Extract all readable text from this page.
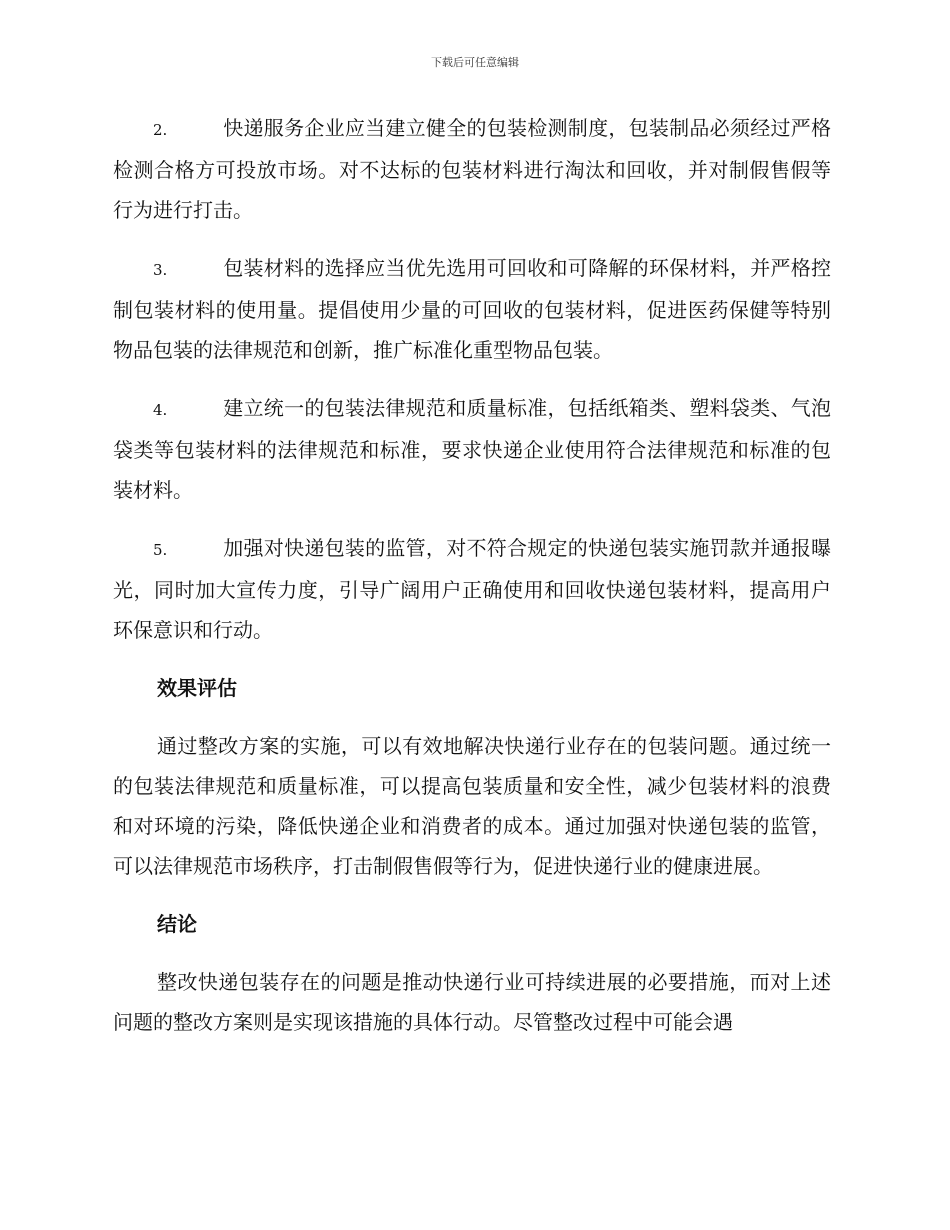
下载后可任意编辑

2.	快递服务企业应当建立健全的包装检测制度，包装制品必须经过严格检测合格方可投放市场。对不达标的包装材料进行淘汰和回收，并对制假售假等行为进行打击。

3.	包装材料的选择应当优先选用可回收和可降解的环保材料，并严格控制包装材料的使用量。提倡使用少量的可回收的包装材料，促进医药保健等特别物品包装的法律规范和创新，推广标准化重型物品包装。

4.	建立统一的包装法律规范和质量标准，包括纸箱类、塑料袋类、气泡袋类等包装材料的法律规范和标准，要求快递企业使用符合法律规范和标准的包装材料。

5.	加强对快递包装的监管，对不符合规定的快递包装实施罚款并通报曝光，同时加大宣传力度，引导广阔用户正确使用和回收快递包装材料，提高用户环保意识和行动。

效果评估

通过整改方案的实施，可以有效地解决快递行业存在的包装问题。通过统一的包装法律规范和质量标准，可以提高包装质量和安全性，减少包装材料的浪费和对环境的污染，降低快递企业和消费者的成本。通过加强对快递包装的监管，可以法律规范市场秩序，打击制假售假等行为，促进快递行业的健康进展。

结论

整改快递包装存在的问题是推动快递行业可持续进展的必要措施，而对上述问题的整改方案则是实现该措施的具体行动。尽管整改过程中可能会遇
